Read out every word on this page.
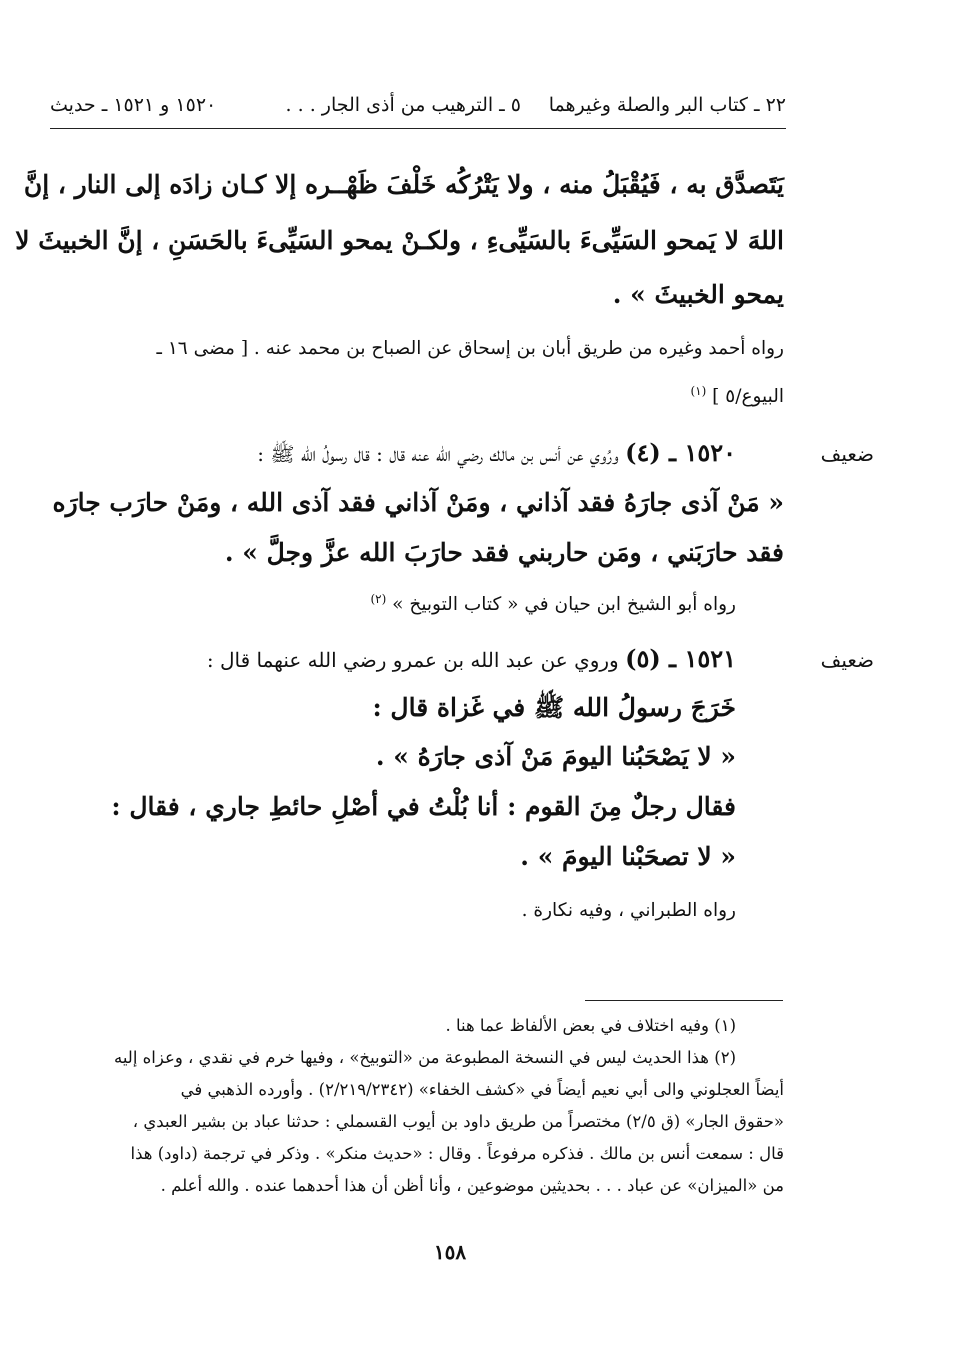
٢٢ ـ كتاب البر والصلة وغيرهما
٥ ـ الترهيب من أذى الجار . . .
١٥٢٠ و ١٥٢١ ـ حديث
يَتَصدَّق به ، فَيُقْبَلُ منه ، ولا يَتْرُكُه خَلْفَ ظَهْــره إلا كـان زادَه إلى النار ، إنَّ
اللهَ لا يَمحو السَيِّىءَ بالسَيِّىءِ ، ولكـنْ يمحو السَيِّىءَ بالحَسَنِ ، إنَّ الخبيثَ لا
يمحو الخبيثَ » .
رواه أحمد وغيره من طريق أبان بن إسحاق عن الصباح بن محمد عنه . [ مضى ١٦ ـ
البيوع/٥ ] $^{(١)}$
ضعيف
١٥٢٠ ـ (٤) ورُوي عن أنس بن مالك رضي الله عنه قال : قال رسولُ الله ﷺ :
« مَنْ آذى جارَهُ فقد آذاني ، ومَنْ آذاني فقد آذى الله ، ومَنْ حارَب جارَه
فقد حارَبَني ، ومَن حاربني فقد حارَبَ الله عزَّ وجلَّ » .
رواه أبو الشيخ ابن حيان في « كتاب التوبيخ » $^{(٢)}$
ضعيف
١٥٢١ ـ (٥) وروي عن عبد الله بن عمرو رضي الله عنهما قال :
خَرَجَ رسولُ الله ﷺ في غَزاة قال :
« لا يَصْحَبُنا اليومَ مَنْ آذى جارَهُ » .
فقال رجلٌ مِنَ القوم : أنا بُلْتُ في أصْلِ حائطِ جاري ، فقال :
« لا تصحَبْنا اليومَ » .
رواه الطبراني ، وفيه نكارة .
(١) وفيه اختلاف في بعض الألفاظ عما هنا .
(٢) هذا الحديث ليس في النسخة المطبوعة من «التوبيخ» ، وفيها خرم في نقدي ، وعزاه إليه
أيضاً العجلوني والى أبي نعيم أيضاً في «كشف الخفاء» (٢/٢١٩/٢٣٤٢) . وأورده الذهبي في
«حقوق الجار» (ق ٢/٥) مختصراً من طريق داود بن أيوب القسملي : حدثنا عباد بن بشير العبدي ،
قال : سمعت أنس بن مالك . فذكره مرفوعاً . وقال : «حديث منكر» . وذكر في ترجمة (داود) هذا
من «الميزان» عن عباد . . . بحديثين موضوعين ، وأنا أظن أن هذا أحدهما عنده . والله أعلم .
١٥٨
